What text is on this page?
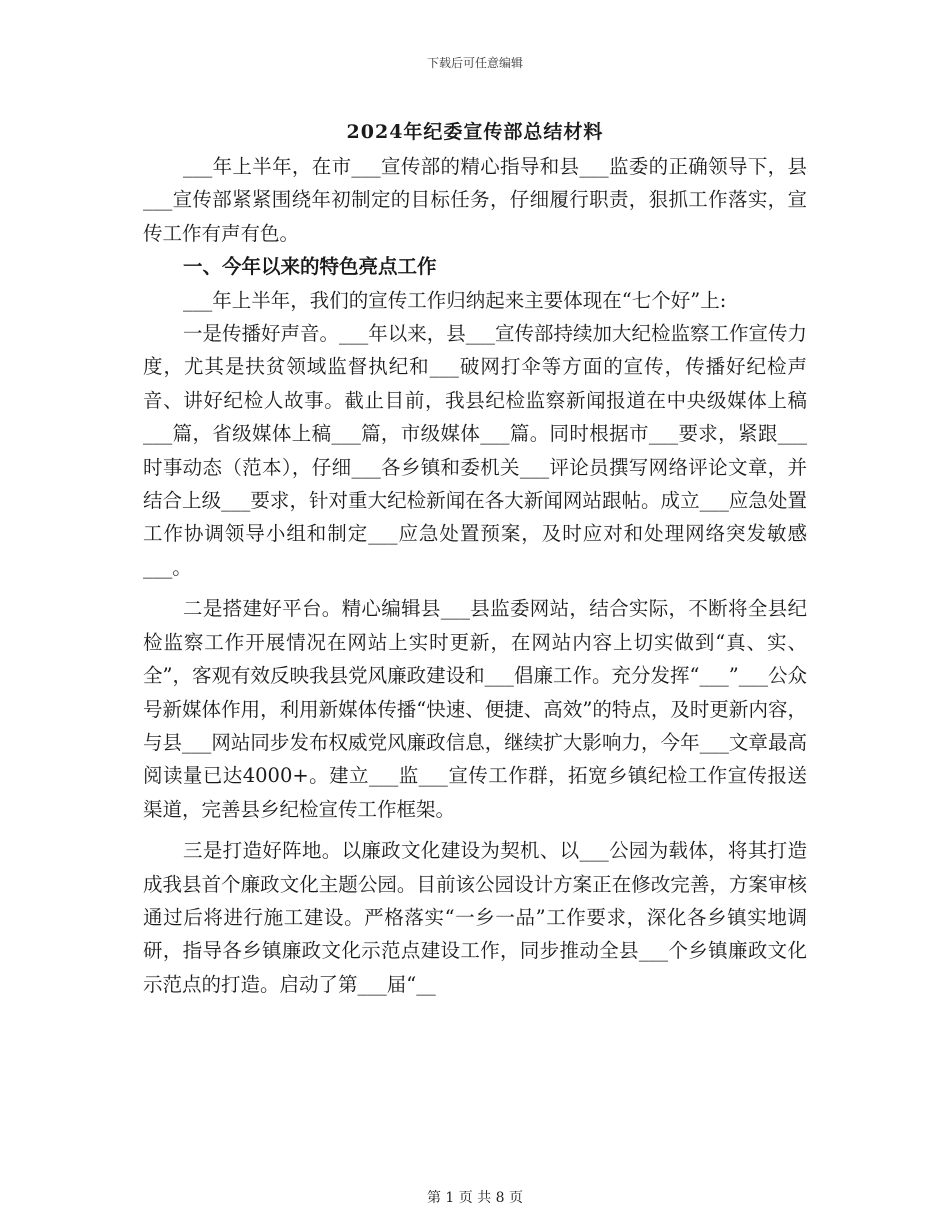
下载后可任意编辑
2024年纪委宣传部总结材料

___年上半年，在市___宣传部的精心指导和县___监委的正确领导下，县___宣传部紧紧围绕年初制定的目标任务，仔细履行职责，狠抓工作落实，宣传工作有声有色。

一、今年以来的特色亮点工作

___年上半年，我们的宣传工作归纳起来主要体现在“七个好”上:

一是传播好声音。___年以来，县___宣传部持续加大纪检监察工作宣传力度，尤其是扶贫领域监督执纪和___破网打伞等方面的宣传，传播好纪检声音、讲好纪检人故事。截止目前，我县纪检监察新闻报道在中央级媒体上稿___篇，省级媒体上稿___篇，市级媒体___篇。同时根据市___要求，紧跟___时事动态（范本），仔细___各乡镇和委机关___评论员撰写网络评论文章，并结合上级___要求，针对重大纪检新闻在各大新闻网站跟帖。成立___应急处置工作协调领导小组和制定___应急处置预案，及时应对和处理网络突发敏感___。

二是搭建好平台。精心编辑县___县监委网站，结合实际，不断将全县纪检监察工作开展情况在网站上实时更新，在网站内容上切实做到“真、实、全”，客观有效反映我县党风廉政建设和___倡廉工作。充分发挥“___”___公众号新媒体作用，利用新媒体传播“快速、便捷、高效”的特点，及时更新内容，与县___网站同步发布权威党风廉政信息，继续扩大影响力，今年___文章最高阅读量已达4000+。建立___监___宣传工作群，拓宽乡镇纪检工作宣传报送渠道，完善县乡纪检宣传工作框架。

三是打造好阵地。以廉政文化建设为契机、以___公园为载体，将其打造成我县首个廉政文化主题公园。目前该公园设计方案正在修改完善，方案审核通过后将进行施工建设。严格落实“一乡一品”工作要求，深化各乡镇实地调研，指导各乡镇廉政文化示范点建设工作，同步推动全县___个乡镇廉政文化示范点的打造。启动了第___届“__

第 1 页 共 8 页
